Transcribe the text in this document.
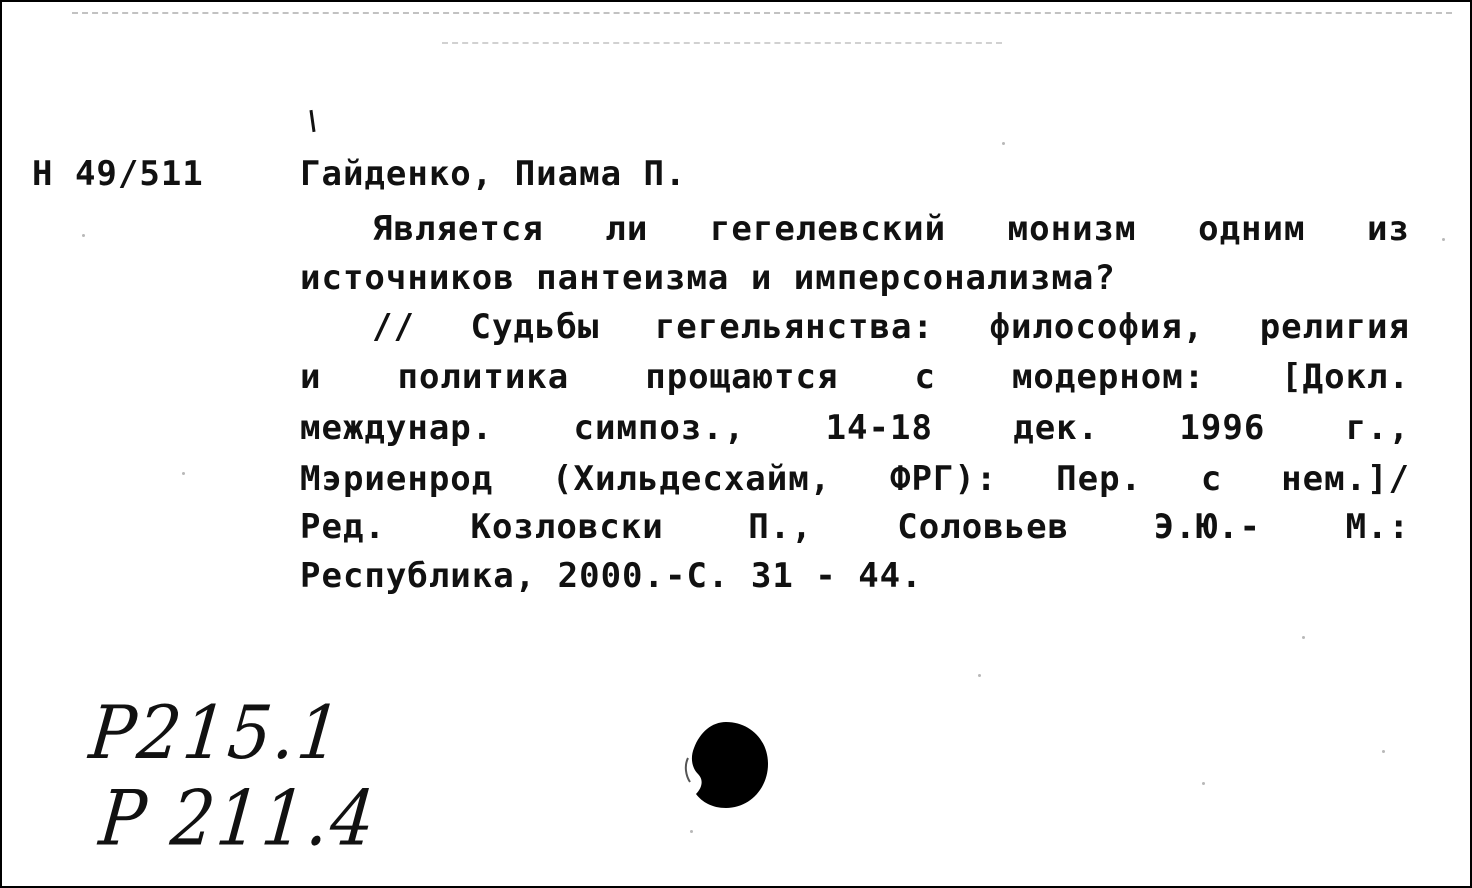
Н 49/511	Гайденко, Пиама П.
Является ли гегелевский монизм одним из
источников пантеизма и имперсонализма?
// Судьбы гегельянства: философия, религия
и политика прощаются с модерном: [Докл.
междунар. симпоз., 14-18 дек. 1996 г.,
Мэриенрод (Хильдесхайм, ФРГ): Пер. с нем.]/
Ред. Козловски П., Соловьев Э.Ю.- М.:
Республика, 2000.-С. 31 - 44.
P215.1
P 211.4
